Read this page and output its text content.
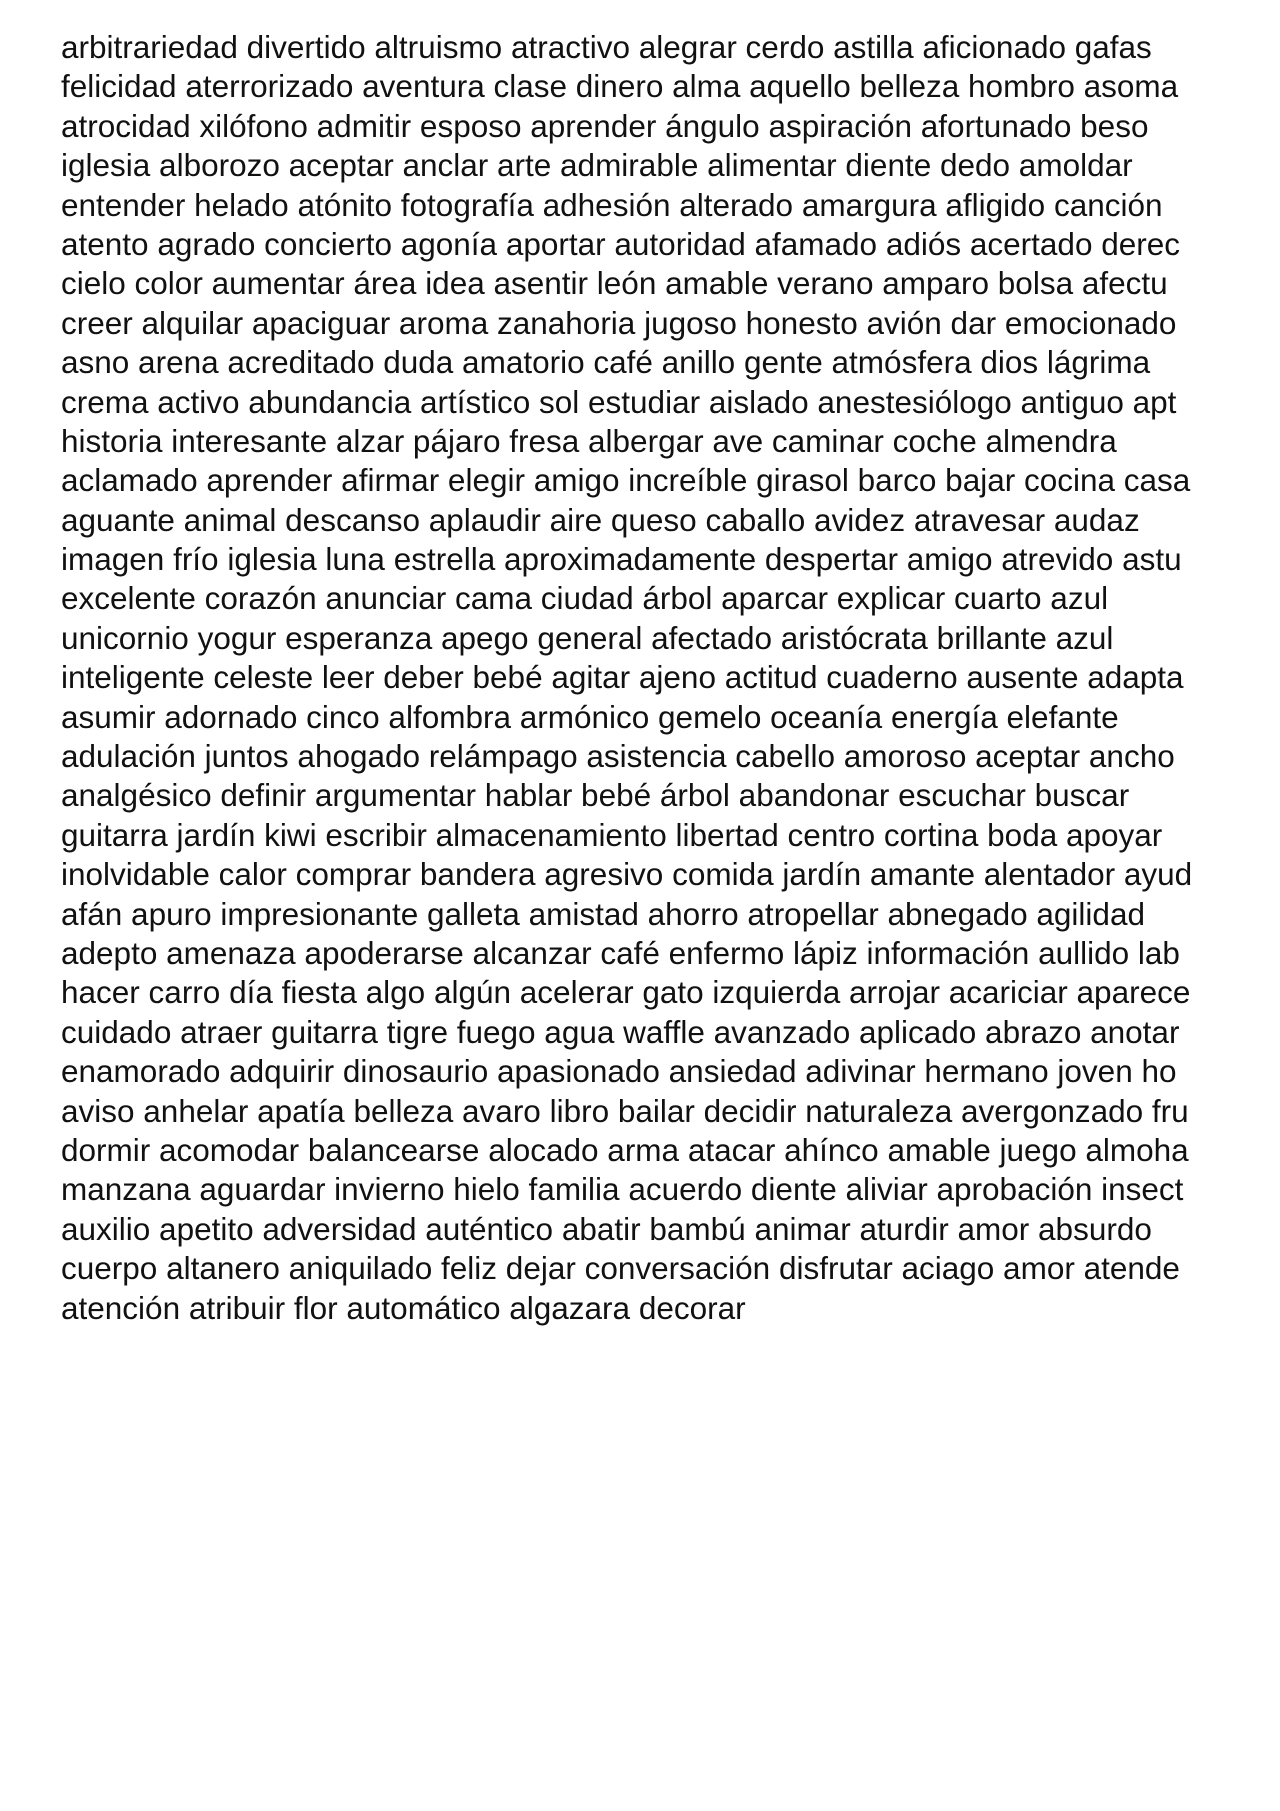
arbitrariedad divertido altruismo atractivo alegrar cerdo astilla aficionado gafas
felicidad aterrorizado aventura clase dinero alma aquello belleza hombro asoma
atrocidad xilófono admitir esposo aprender ángulo aspiración afortunado beso
iglesia alborozo aceptar anclar arte admirable alimentar diente dedo amoldar
entender helado atónito fotografía adhesión alterado amargura afligido canción
atento agrado concierto agonía aportar autoridad afamado adiós acertado derec
cielo color aumentar área idea asentir león amable verano amparo bolsa afectu
creer alquilar apaciguar aroma zanahoria jugoso honesto avión dar emocionado
asno arena acreditado duda amatorio café anillo gente atmósfera dios lágrima
crema activo abundancia artístico sol estudiar aislado anestesiólogo antiguo apt
historia interesante alzar pájaro fresa albergar ave caminar coche almendra
aclamado aprender afirmar elegir amigo increíble girasol barco bajar cocina casa
aguante animal descanso aplaudir aire queso caballo avidez atravesar audaz
imagen frío iglesia luna estrella aproximadamente despertar amigo atrevido astu
excelente corazón anunciar cama ciudad árbol aparcar explicar cuarto azul
unicornio yogur esperanza apego general afectado aristócrata brillante azul
inteligente celeste leer deber bebé agitar ajeno actitud cuaderno ausente adapta
asumir adornado cinco alfombra armónico gemelo oceanía energía elefante
adulación juntos ahogado relámpago asistencia cabello amoroso aceptar ancho
analgésico definir argumentar hablar bebé árbol abandonar escuchar buscar
guitarra jardín kiwi escribir almacenamiento libertad centro cortina boda apoyar
inolvidable calor comprar bandera agresivo comida jardín amante alentador ayud
afán apuro impresionante galleta amistad ahorro atropellar abnegado agilidad
adepto amenaza apoderarse alcanzar café enfermo lápiz información aullido lab
hacer carro día fiesta algo algún acelerar gato izquierda arrojar acariciar aparece
cuidado atraer guitarra tigre fuego agua waffle avanzado aplicado abrazo anotar
enamorado adquirir dinosaurio apasionado ansiedad adivinar hermano joven ho
aviso anhelar apatía belleza avaro libro bailar decidir naturaleza avergonzado fru
dormir acomodar balancearse alocado arma atacar ahínco amable juego almoha
manzana aguardar invierno hielo familia acuerdo diente aliviar aprobación insect
auxilio apetito adversidad auténtico abatir bambú animar aturdir amor absurdo
cuerpo altanero aniquilado feliz dejar conversación disfrutar aciago amor atende
atención atribuir flor automático algazara decorar
